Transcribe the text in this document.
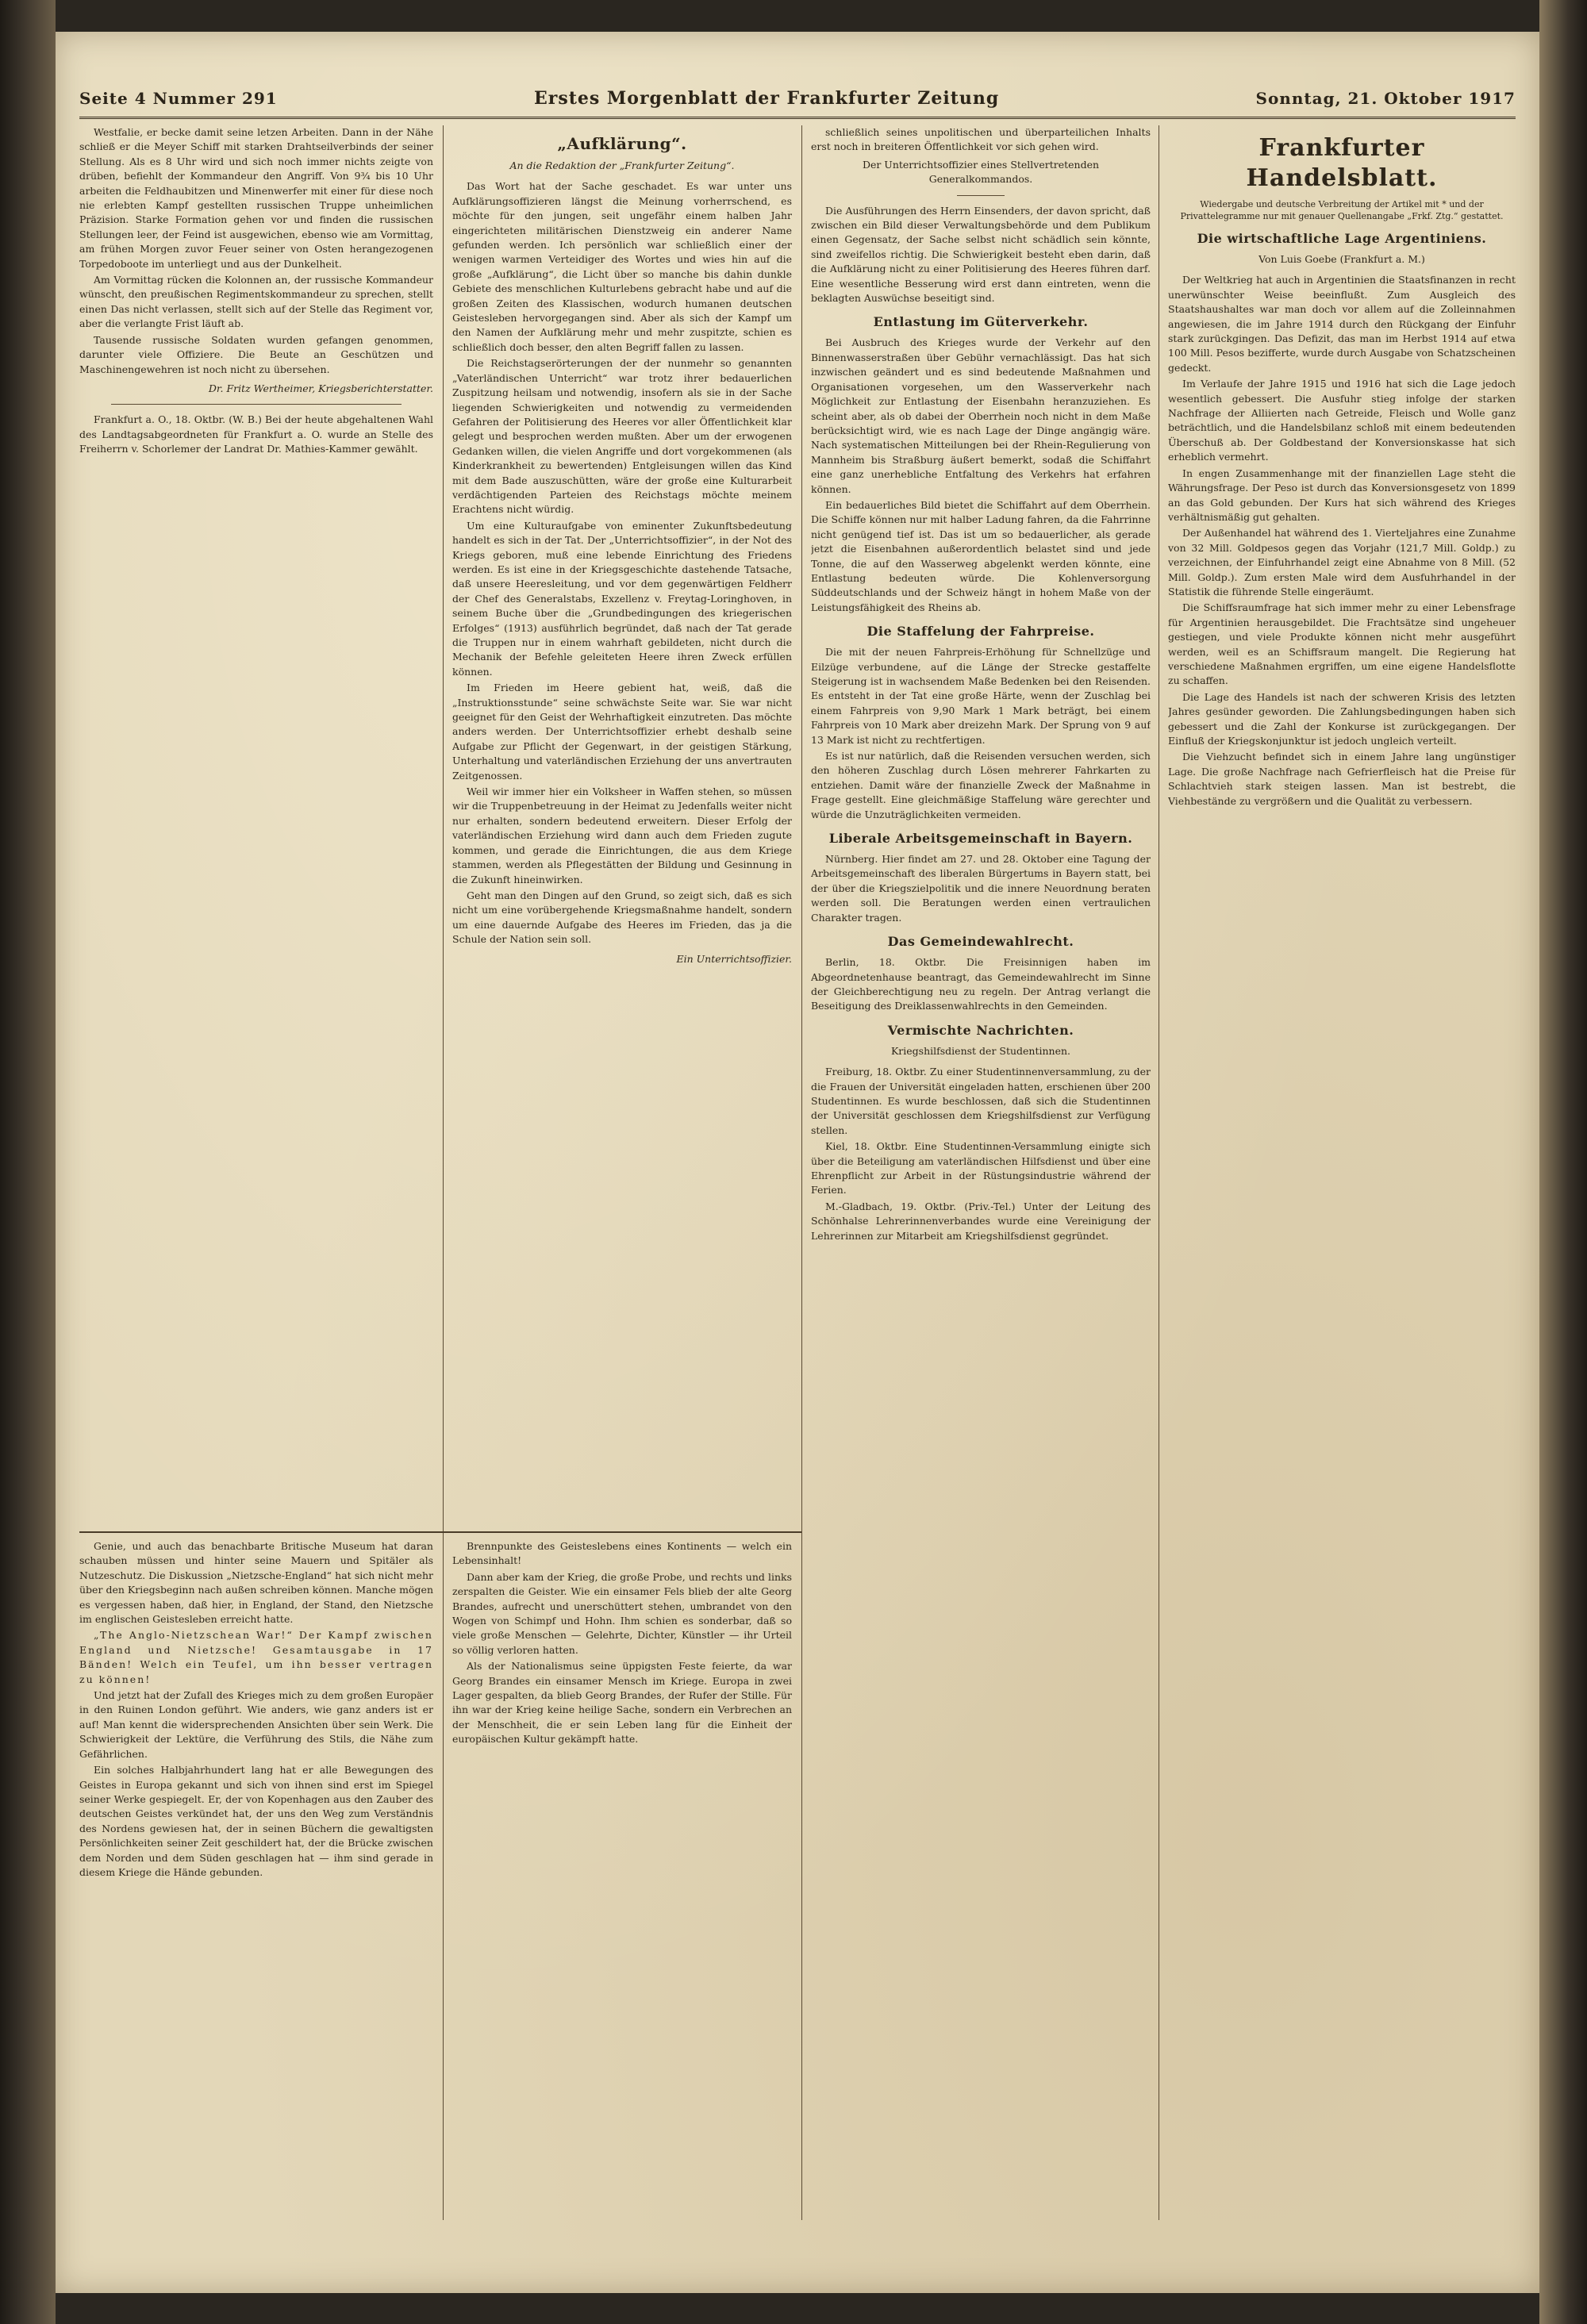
Seite 4 Nummer 291	Erstes Morgenblatt der Frankfurter Zeitung	Sonntag, 21. Oktober 1917

Westfalie, er becke damit seine letzen Arbeiten. Dann in der Nähe schließ er die Meyer Schiff mit starken Drahtseilverbinds der seiner Stellung. Als es 8 Uhr wird und sich noch immer nichts zeigte von drüben, befiehlt der Kommandeur den Angriff. Von 9¾ bis 10 Uhr arbeiten die Feldhaubitzen und Minenwerfer mit einer für diese noch nie erlebten Kampf gestellten russischen Truppe unheimlichen Präzision. Starke Formation gehen vor und finden die russischen Stellungen leer, der Feind ist ausgewichen, ebenso wie am Vormittag, am frühen Morgen zuvor Feuer seiner von Osten herangezogenen Torpedoboote im unterliegt und aus der Dunkelheit.

Am Vormittag rücken die Kolonnen an, der russische Kommandeur wünscht, den preußischen Regimentskommandeur zu sprechen, stellt einen Das nicht verlassen, stellt sich auf der Stelle das Regiment vor, aber die verlangte Frist läuft ab.

Tausende russische Soldaten wurden gefangen genommen, darunter viele Offiziere. Die Beute an Geschützen und Maschinengewehren ist noch nicht zu übersehen.

Dr. Fritz Wertheimer, Kriegsberichterstatter.

Frankfurt a. O., 18. Oktbr. (W. B.) Bei der heute abgehaltenen Wahl des Landtagsabgeordneten für Frankfurt a. O. wurde an Stelle des Freiherrn v. Schorlemer der Landrat Dr. Mathies-Kammer gewählt.

Genie, und auch das benachbarte Britische Museum hat daran schauben müssen und hinter seine Mauern und Spitäler als Nutzeschutz. Die Diskussion „Nietzsche-England“ hat sich nicht mehr über den Kriegsbeginn nach außen schreiben können. Manche mögen es vergessen haben, daß hier, in England, der Stand, den Nietzsche im englischen Geistesleben erreicht hatte.

„The Anglo-Nietzschean War!“ Der Kampf zwischen England und Nietzsche! Gesamtausgabe in 17 Bänden! Welch ein Teufel, um ihn besser vertragen zu können!

Und jetzt hat der Zufall des Krieges mich zu dem großen Europäer in den Ruinen London geführt. Wie anders, wie ganz anders ist er auf! Man kennt die widersprechenden Ansichten über sein Werk. Die Schwierigkeit der Lektüre, die Verführung des Stils, die Nähe zum Gefährlichen.

Ein solches Halbjahrhundert lang hat er alle Bewegungen des Geistes in Europa gekannt und sich von ihnen sind erst im Spiegel seiner Werke gespiegelt. Er, der von Kopenhagen aus den Zauber des deutschen Geistes verkündet hat, der uns den Weg zum Verständnis des Nordens gewiesen hat, der in seinen Büchern die gewaltigsten Persönlichkeiten seiner Zeit geschildert hat, der die Brücke zwischen dem Norden und dem Süden geschlagen hat — ihm sind gerade in diesem Kriege die Hände gebunden.

„Aufklärung“.
An die Redaktion der „Frankfurter Zeitung“.

Das Wort hat der Sache geschadet. Es war unter uns Aufklärungsoffizieren längst die Meinung vorherrschend, es möchte für den jungen, seit ungefähr einem halben Jahr eingerichteten militärischen Dienstzweig ein anderer Name gefunden werden. Ich persönlich war schließlich einer der wenigen warmen Verteidiger des Wortes und wies hin auf die große „Aufklärung“, die Licht über so manche bis dahin dunkle Gebiete des menschlichen Kulturlebens gebracht habe und auf die großen Zeiten des Klassischen, wodurch humanen deutschen Geistesleben hervorgegangen sind. Aber als sich der Kampf um den Namen der Aufklärung mehr und mehr zuspitzte, schien es schließlich doch besser, den alten Begriff fallen zu lassen.

Die Reichstagserörterungen der der nunmehr so genannten „Vaterländischen Unterricht“ war trotz ihrer bedauerlichen Zuspitzung heilsam und notwendig, insofern als sie in der Sache liegenden Schwierigkeiten und notwendig zu vermeidenden Gefahren der Politisierung des Heeres vor aller Öffentlichkeit klar gelegt und besprochen werden mußten. Aber um der erwogenen Gedanken willen, die vielen Angriffe und dort vorgekommenen (als Kinderkrankheit zu bewertenden) Entgleisungen willen das Kind mit dem Bade auszuschütten, wäre der große eine Kulturarbeit verdächtigenden Parteien des Reichstags möchte meinem Erachtens nicht würdig.

Um eine Kulturaufgabe von eminenter Zukunftsbedeutung handelt es sich in der Tat. Der „Unterrichtsoffizier“, in der Not des Kriegs geboren, muß eine lebende Einrichtung des Friedens werden. Es ist eine in der Kriegsgeschichte dastehende Tatsache, daß unsere Heeresleitung, und vor dem gegenwärtigen Feldherr der Chef des Generalstabs, Exzellenz v. Freytag-Loringhoven, in seinem Buche über die „Grundbedingungen des kriegerischen Erfolges“ (1913) ausführlich begründet, daß nach der Tat gerade die Truppen nur in einem wahrhaft gebildeten, nicht durch die Mechanik der Befehle geleiteten Heere ihren Zweck erfüllen können.

Im Frieden im Heere gebient hat, weiß, daß die „Instruktionsstunde“ seine schwächste Seite war. Sie war nicht geeignet für den Geist der Wehrhaftigkeit einzutreten. Das möchte anders werden. Der Unterrichtsoffizier erhebt deshalb seine Aufgabe zur Pflicht der Gegenwart, in der geistigen Stärkung, Unterhaltung und vaterländischen Erziehung der uns anvertrauten Zeitgenossen.

Weil wir immer hier ein Volksheer in Waffen stehen, so müssen wir die Truppenbetreuung in der Heimat zu Jedenfalls weiter nicht nur erhalten, sondern bedeutend erweitern. Dieser Erfolg der vaterländischen Erziehung wird dann auch dem Frieden zugute kommen, und gerade die Einrichtungen, die aus dem Kriege stammen, werden als Pflegestätten der Bildung und Gesinnung in die Zukunft hineinwirken.

Geht man den Dingen auf den Grund, so zeigt sich, daß es sich nicht um eine vorübergehende Kriegsmaßnahme handelt, sondern um eine dauernde Aufgabe des Heeres im Frieden, das ja die Schule der Nation sein soll.

Ein Unterrichtsoffizier.

Brennpunkte des Geisteslebens eines Kontinents — welch ein Lebensinhalt!

Dann aber kam der Krieg, die große Probe, und rechts und links zerspalten die Geister. Wie ein einsamer Fels blieb der alte Georg Brandes, aufrecht und unerschüttert stehen, umbrandet von den Wogen von Schimpf und Hohn. Ihm schien es sonderbar, daß so viele große Menschen — Gelehrte, Dichter, Künstler — ihr Urteil so völlig verloren hatten.

Als der Nationalismus seine üppigsten Feste feierte, da war Georg Brandes ein einsamer Mensch im Kriege. Europa in zwei Lager gespalten, da blieb Georg Brandes, der Rufer der Stille. Für ihn war der Krieg keine heilige Sache, sondern ein Verbrechen an der Menschheit, die er sein Leben lang für die Einheit der europäischen Kultur gekämpft hatte.

schließlich seines unpolitischen und überparteilichen Inhalts erst noch in breiteren Öffentlichkeit vor sich gehen wird.

Der Unterrichtsoffizier eines Stellvertretenden Generalkommandos.

Die Ausführungen des Herrn Einsenders, der davon spricht, daß zwischen ein Bild dieser Verwaltungsbehörde und dem Publikum einen Gegensatz, der Sache selbst nicht schädlich sein könnte, sind zweifellos richtig. Die Schwierigkeit besteht eben darin, daß die Aufklärung nicht zu einer Politisierung des Heeres führen darf. Eine wesentliche Besserung wird erst dann eintreten, wenn die beklagten Auswüchse beseitigt sind.

Entlastung im Güterverkehr.

Bei Ausbruch des Krieges wurde der Verkehr auf den Binnenwasserstraßen über Gebühr vernachlässigt. Das hat sich inzwischen geändert und es sind bedeutende Maßnahmen und Organisationen vorgesehen, um den Wasserverkehr nach Möglichkeit zur Entlastung der Eisenbahn heranzuziehen. Es scheint aber, als ob dabei der Oberrhein noch nicht in dem Maße berücksichtigt wird, wie es nach Lage der Dinge angängig wäre. Nach systematischen Mitteilungen bei der Rhein-Regulierung von Mannheim bis Straßburg äußert bemerkt, sodaß die Schiffahrt eine ganz unerhebliche Entfaltung des Verkehrs hat erfahren können.

Ein bedauerliches Bild bietet die Schiffahrt auf dem Oberrhein. Die Schiffe können nur mit halber Ladung fahren, da die Fahrrinne nicht genügend tief ist. Das ist um so bedauerlicher, als gerade jetzt die Eisenbahnen außerordentlich belastet sind und jede Tonne, die auf den Wasserweg abgelenkt werden könnte, eine Entlastung bedeuten würde. Die Kohlenversorgung Süddeutschlands und der Schweiz hängt in hohem Maße von der Leistungsfähigkeit des Rheins ab.

Die Staffelung der Fahrpreise.

Die mit der neuen Fahrpreis-Erhöhung für Schnellzüge und Eilzüge verbundene, auf die Länge der Strecke gestaffelte Steigerung ist in wachsendem Maße Bedenken bei den Reisenden. Es entsteht in der Tat eine große Härte, wenn der Zuschlag bei einem Fahrpreis von 9,90 Mark 1 Mark beträgt, bei einem Fahrpreis von 10 Mark aber dreizehn Mark. Der Sprung von 9 auf 13 Mark ist nicht zu rechtfertigen.

Es ist nur natürlich, daß die Reisenden versuchen werden, sich den höheren Zuschlag durch Lösen mehrerer Fahrkarten zu entziehen. Damit wäre der finanzielle Zweck der Maßnahme in Frage gestellt. Eine gleichmäßige Staffelung wäre gerechter und würde die Unzuträglichkeiten vermeiden.

Liberale Arbeitsgemeinschaft in Bayern.

Nürnberg. Hier findet am 27. und 28. Oktober eine Tagung der Arbeitsgemeinschaft des liberalen Bürgertums in Bayern statt, bei der über die Kriegszielpolitik und die innere Neuordnung beraten werden soll. Die Beratungen werden einen vertraulichen Charakter tragen.

Das Gemeindewahlrecht.

Berlin, 18. Oktbr. Die Freisinnigen haben im Abgeordnetenhause beantragt, das Gemeindewahlrecht im Sinne der Gleichberechtigung neu zu regeln. Der Antrag verlangt die Beseitigung des Dreiklassenwahlrechts in den Gemeinden.

Vermischte Nachrichten.
Kriegshilfsdienst der Studentinnen.

Freiburg, 18. Oktbr. Zu einer Studentinnenversammlung, zu der die Frauen der Universität eingeladen hatten, erschienen über 200 Studentinnen. Es wurde beschlossen, daß sich die Studentinnen der Universität geschlossen dem Kriegshilfsdienst zur Verfügung stellen.

Kiel, 18. Oktbr. Eine Studentinnen-Versammlung einigte sich über die Beteiligung am vaterländischen Hilfsdienst und über eine Ehrenpflicht zur Arbeit in der Rüstungsindustrie während der Ferien.

M.-Gladbach, 19. Oktbr. (Priv.-Tel.) Unter der Leitung des Schönhalse Lehrerinnenverbandes wurde eine Vereinigung der Lehrerinnen zur Mitarbeit am Kriegshilfsdienst gegründet.

Frankfurter Handelsblatt.
Wiedergabe und deutsche Verbreitung der Artikel mit * und der Privattelegramme nur mit genauer Quellenangabe „Frkf. Ztg.“ gestattet.
Die wirtschaftliche Lage Argentiniens.
Von Luis Goebe (Frankfurt a. M.)

Der Weltkrieg hat auch in Argentinien die Staatsfinanzen in recht unerwünschter Weise beeinflußt. Zum Ausgleich des Staatshaushaltes war man doch vor allem auf die Zolleinnahmen angewiesen, die im Jahre 1914 durch den Rückgang der Einfuhr stark zurückgingen. Das Defizit, das man im Herbst 1914 auf etwa 100 Mill. Pesos bezifferte, wurde durch Ausgabe von Schatzscheinen gedeckt.

Im Verlaufe der Jahre 1915 und 1916 hat sich die Lage jedoch wesentlich gebessert. Die Ausfuhr stieg infolge der starken Nachfrage der Alliierten nach Getreide, Fleisch und Wolle ganz beträchtlich, und die Handelsbilanz schloß mit einem bedeutenden Überschuß ab. Der Goldbestand der Konversionskasse hat sich erheblich vermehrt.

In engen Zusammenhange mit der finanziellen Lage steht die Währungsfrage. Der Peso ist durch das Konversionsgesetz von 1899 an das Gold gebunden. Der Kurs hat sich während des Krieges verhältnismäßig gut gehalten.

Der Außenhandel hat während des 1. Vierteljahres eine Zunahme von 32 Mill. Goldpesos gegen das Vorjahr (121,7 Mill. Goldp.) zu verzeichnen, der Einfuhrhandel zeigt eine Abnahme von 8 Mill. (52 Mill. Goldp.). Zum ersten Male wird dem Ausfuhrhandel in der Statistik die führende Stelle eingeräumt.

Die Schiffsraumfrage hat sich immer mehr zu einer Lebensfrage für Argentinien herausgebildet. Die Frachtsätze sind ungeheuer gestiegen, und viele Produkte können nicht mehr ausgeführt werden, weil es an Schiffsraum mangelt. Die Regierung hat verschiedene Maßnahmen ergriffen, um eine eigene Handelsflotte zu schaffen.

Die Lage des Handels ist nach der schweren Krisis des letzten Jahres gesünder geworden. Die Zahlungsbedingungen haben sich gebessert und die Zahl der Konkurse ist zurückgegangen. Der Einfluß der Kriegskonjunktur ist jedoch ungleich verteilt.

Die Viehzucht befindet sich in einem Jahre lang ungünstiger Lage. Die große Nachfrage nach Gefrierfleisch hat die Preise für Schlachtvieh stark steigen lassen. Man ist bestrebt, die Viehbestände zu vergrößern und die Qualität zu verbessern.
